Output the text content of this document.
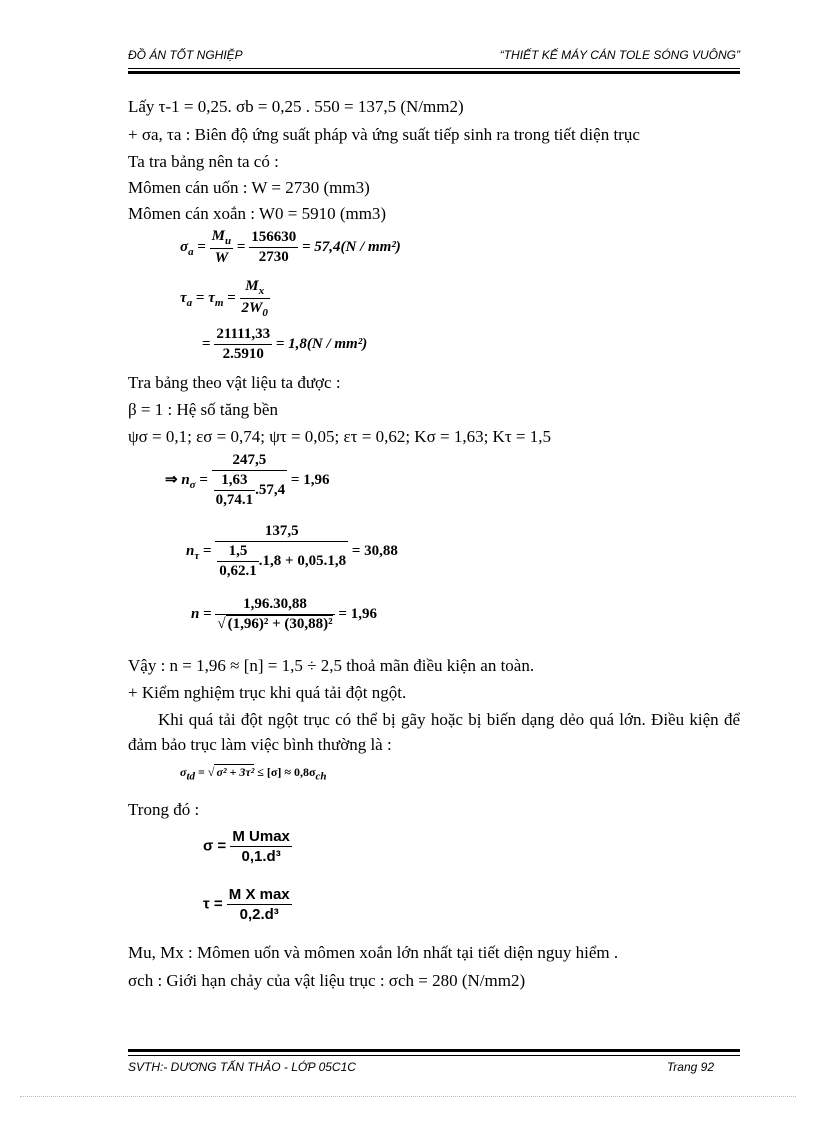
ĐỒ ÁN TỐT NGHIỆP	“THIẾT KẾ MÁY CÁN TOLE SÓNG VUÔNG”
Lấy τ-1 = 0,25. σb = 0,25 . 550 = 137,5 (N/mm2)
+ σa, τa : Biên độ ứng suất pháp và ứng suất tiếp sinh ra trong tiết diện trục
Ta tra bảng nên ta có :
Mômen cán uốn : W = 2730 (mm3)
Mômen cán xoắn : W0 = 5910 (mm3)
$\sigma_a = \frac{M_u}{W} = \frac{156630}{2730} = 57,4(N / mm^2)$
$\tau_a = \tau_m = \frac{M_x}{2W_0}$
= $\frac{21111,33}{2.5910} = 1,8(N / mm^2)$
Tra bảng theo vật liệu ta được :
β = 1 : Hệ số tăng bền
ψσ = 0,1; εσ = 0,74; ψτ = 0,05; ετ = 0,62; Kσ = 1,63; Kτ = 1,5
⇒ $n_\sigma = \frac{247,5}{\frac{1,63}{0,74.1} .57,4} = 1,96$
$n_\tau = \frac{137,5}{\frac{1,5}{0,62.1} .1,8 + 0,05.1,8} = 30,88$
$n = \frac{1,96.30,88}{\text{√ (1,96)² + (30,88)²}} = 1,96$
Vậy : n = 1,96 ≈ [n] = 1,5 ÷ 2,5 thoả mãn điều kiện an toàn.
+ Kiểm nghiệm trục khi quá tải đột ngột.
Khi quá tải đột ngột trục có thể bị gãy hoặc bị biến dạng dẻo quá lớn. Điều kiện để đảm bảo trục làm việc bình thường là :
$\sigma_{td}$ = √ $\sigma^2 + 3\tau^2 \le [\sigma] \approx 0,8\sigma_{ch}$
Trong đó :
$\sigma = \frac{\text{M Umax}}{\text{0,1.d³}}$
$\tau = \frac{\text{M X max}}{\text{0,2.d³}}$
Mu, Mx : Mômen uốn và mômen xoắn lớn nhất tại tiết diện nguy hiểm .
σch : Giới hạn chảy của vật liệu trục : σch = 280 (N/mm2)
SVTH:- DƯƠNG TẤN THẢO - LỚP 05C1C	Trang 92
